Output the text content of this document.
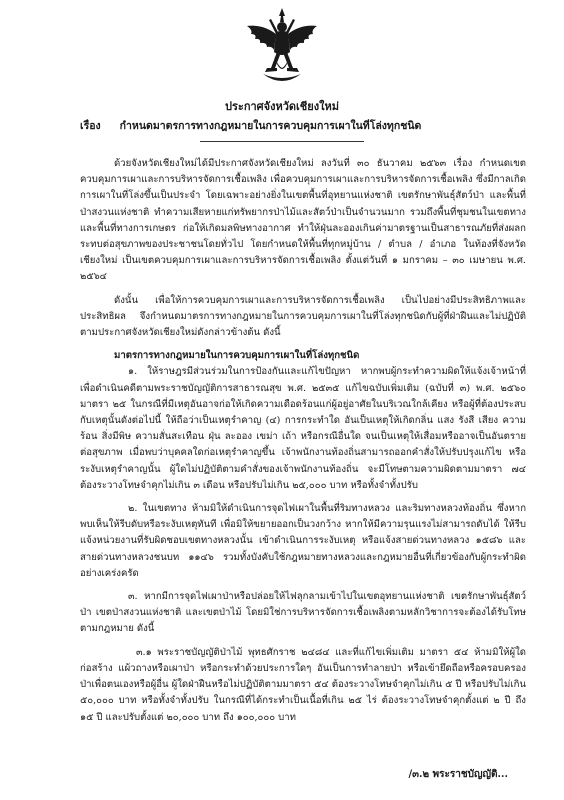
ประกาศจังหวัดเชียงใหม่
เรื่อง กำหนดมาตรการทางกฎหมายในการควบคุมการเผาในที่โล่งทุกชนิด

ด้วยจังหวัดเชียงใหม่ได้มีประกาศจังหวัดเชียงใหม่ ลงวันที่ ๓๐ ธันวาคม ๒๕๖๓ เรื่อง กำหนดเขตควบคุมการเผาและการบริหารจัดการเชื้อเพลิง เพื่อควบคุมการเผาและการบริหารจัดการเชื้อเพลิง ซึ่งมีกาลเกิดการเผาในที่โล่งขึ้นเป็นประจำ โดยเฉพาะอย่างยิ่งในเขตพื้นที่อุทยานแห่งชาติ เขตรักษาพันธุ์สัตว์ป่า และพื้นที่ป่าสงวนแห่งชาติ ทำความเสียหายแก่ทรัพยากรป่าไม้และสัตว์ป่าเป็นจำนวนมาก รวมถึงพื้นที่ชุมชนในเขตทาง และพื้นที่ทางการเกษตร ก่อให้เกิดมลพิษทางอากาศ ทำให้ฝุ่นละอองเกินค่ามาตรฐานเป็นสาธารณภัยที่ส่งผลกระทบต่อสุขภาพของประชาชนโดยทั่วไป โดยกำหนดให้พื้นที่ทุกหมู่บ้าน / ตำบล / อำเภอ ในท้องที่จังหวัดเชียงใหม่ เป็นเขตควบคุมการเผาและการบริหารจัดการเชื้อเพลิง ตั้งแต่วันที่ ๑ มกราคม – ๓๐ เมษายน พ.ศ. ๒๕๖๔

ดังนั้น เพื่อให้การควบคุมการเผาและการบริหารจัดการเชื้อเพลิง เป็นไปอย่างมีประสิทธิภาพและประสิทธิผล จึงกำหนดมาตรการทางกฎหมายในการควบคุมการเผาในที่โล่งทุกชนิดกับผู้ที่ฝ่าฝืนและไม่ปฏิบัติตามประกาศจังหวัดเชียงใหม่ดังกล่าวข้างต้น ดังนี้

มาตรการทางกฎหมายในการควบคุมการเผาในที่โล่งทุกชนิด

๑. ให้ราษฎรมีส่วนร่วมในการป้องกันและแก้ไขปัญหา หากพบผู้กระทำความผิดให้แจ้งเจ้าหน้าที่ เพื่อดำเนินคดีตามพระราชบัญญัติการสาธารณสุข พ.ศ. ๒๕๓๕ แก้ไขฉบับเพิ่มเติม (ฉบับที่ ๓) พ.ศ. ๒๕๖๐ มาตรา ๒๕ ในกรณีที่มีเหตุอันอาจก่อให้เกิดความเดือดร้อนแก่ผู้อยู่อาศัยในบริเวณใกล้เคียง หรือผู้ที่ต้องประสบกับเหตุนั้นดังต่อไปนี้ ให้ถือว่าเป็นเหตุรำคาญ (๔) การกระทำใด อันเป็นเหตุให้เกิดกลิ่น แสง รังสี เสียง ความร้อน สิ่งมีพิษ ความสั่นสะเทือน ฝุ่น ละออง เขม่า เถ้า หรือกรณีอื่นใด จนเป็นเหตุให้เสื่อมหรืออาจเป็นอันตรายต่อสุขภาพ เมื่อพบว่าบุคคลใดก่อเหตุรำคาญขึ้น เจ้าพนักงานท้องถิ่นสามารถออกคำสั่งให้ปรับปรุงแก้ไข หรือระงับเหตุรำคาญนั้น ผู้ใดไม่ปฏิบัติตามคำสั่งของเจ้าพนักงานท้องถิ่น จะมีโทษตามความผิดตามมาตรา ๗๔ ต้องระวางโทษจำคุกไม่เกิน ๓ เดือน หรือปรับไม่เกิน ๒๕,๐๐๐ บาท หรือทั้งจำทั้งปรับ

๒. ในเขตทาง ห้ามมิให้ดำเนินการจุดไฟเผาในพื้นที่ริมทางหลวง และริมทางหลวงท้องถิ่น ซึ่งหากพบเห็นให้รีบดับหรือระงับเหตุทันที เพื่อมิให้ขยายออกเป็นวงกว้าง หากให้มีความรุนแรงไม่สามารถดับได้ ให้รีบแจ้งหน่วยงานที่รับผิดชอบเขตทางหลวงนั้น เข้าดำเนินการระงับเหตุ หรือแจ้งสายด่วนทางหลวง ๑๕๘๖ และสายด่วนทางหลวงชนบท ๑๑๔๖ รวมทั้งบังคับใช้กฎหมายทางหลวงและกฎหมายอื่นที่เกี่ยวข้องกับผู้กระทำผิดอย่างเคร่งครัด

๓. หากมีการจุดไฟเผาป่าหรือปล่อยให้ไฟลุกลามเข้าไปในเขตอุทยานแห่งชาติ เขตรักษาพันธุ์สัตว์ป่า เขตป่าสงวนแห่งชาติ และเขตป่าไม้ โดยมิใช่การบริหารจัดการเชื้อเพลิงตามหลักวิชาการจะต้องได้รับโทษตามกฎหมาย ดังนี้

๓.๑ พระราชบัญญัติป่าไม้ พุทธศักราช ๒๔๘๔ และที่แก้ไขเพิ่มเติม มาตรา ๕๔ ห้ามมิให้ผู้ใดก่อสร้าง แผ้วถางหรือเผาป่า หรือกระทำด้วยประการใดๆ อันเป็นการทำลายป่า หรือเข้ายึดถือหรือครอบครองป่าเพื่อตนเองหรือผู้อื่น ผู้ใดฝ่าฝืนหรือไม่ปฏิบัติตามมาตรา ๕๔ ต้องระวางโทษจำคุกไม่เกิน ๕ ปี หรือปรับไม่เกิน ๕๐,๐๐๐ บาท หรือทั้งจำทั้งปรับ ในกรณีที่ได้กระทำเป็นเนื้อที่เกิน ๒๕ ไร่ ต้องระวางโทษจำคุกตั้งแต่ ๒ ปี ถึง ๑๕ ปี และปรับตั้งแต่ ๒๐,๐๐๐ บาท ถึง ๑๐๐,๐๐๐ บาท

/๓.๒ พระราชบัญญัติ...
